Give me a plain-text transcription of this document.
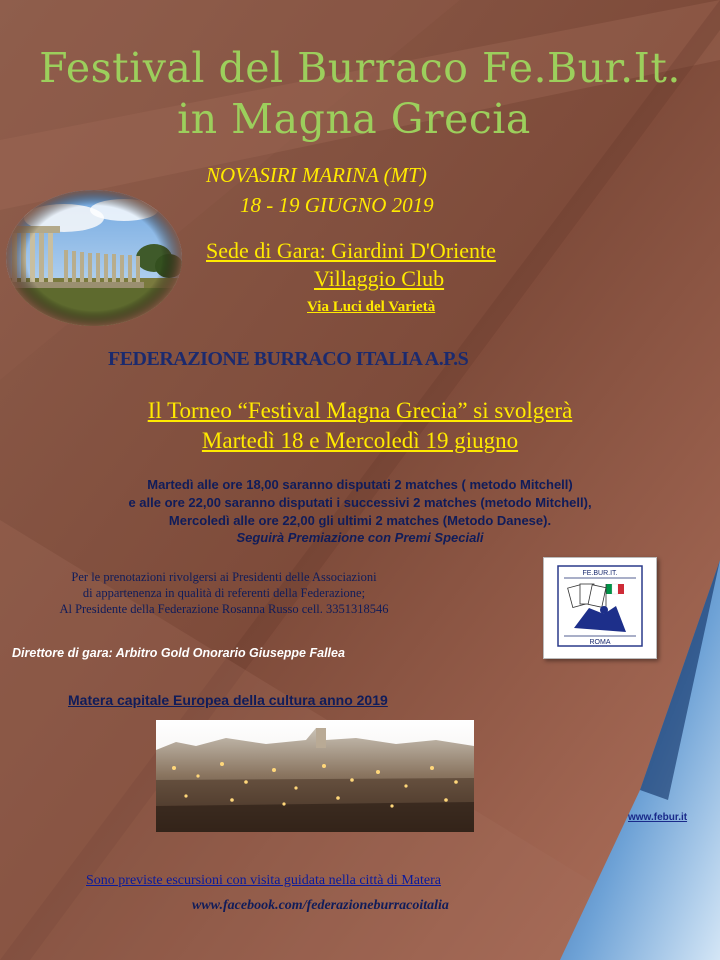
Festival del Burraco Fe.Bur.It.
in Magna Grecia
NOVASIRI MARINA (MT)
18 - 19 GIUGNO 2019
Sede di Gara: Giardini D'Oriente
Villaggio Club
Via Luci del Varietà
FEDERAZIONE BURRACO ITALIA A.P.S
Il Torneo “Festival Magna Grecia” si svolgerà
Martedì 18 e Mercoledì 19 giugno
Martedì alle ore 18,00 saranno disputati 2 matches ( metodo Mitchell)
e alle ore 22,00 saranno disputati i successivi 2 matches (metodo Mitchell),
Mercoledì alle ore 22,00 gli ultimi 2 matches (Metodo Danese).
Seguirà Premiazione con Premi Speciali
Per le prenotazioni rivolgersi ai Presidenti delle Associazioni
di appartenenza in qualità di referenti della Federazione;
Al Presidente della Federazione Rosanna Russo cell. 3351318546
FE.BUR.IT.
ROMA
Direttore di gara: Arbitro Gold Onorario Giuseppe Fallea
Matera capitale Europea della cultura anno 2019
www.febur.it
Sono previste escursioni con visita guidata nella città di Matera
www.facebook.com/federazioneburracoitalia
